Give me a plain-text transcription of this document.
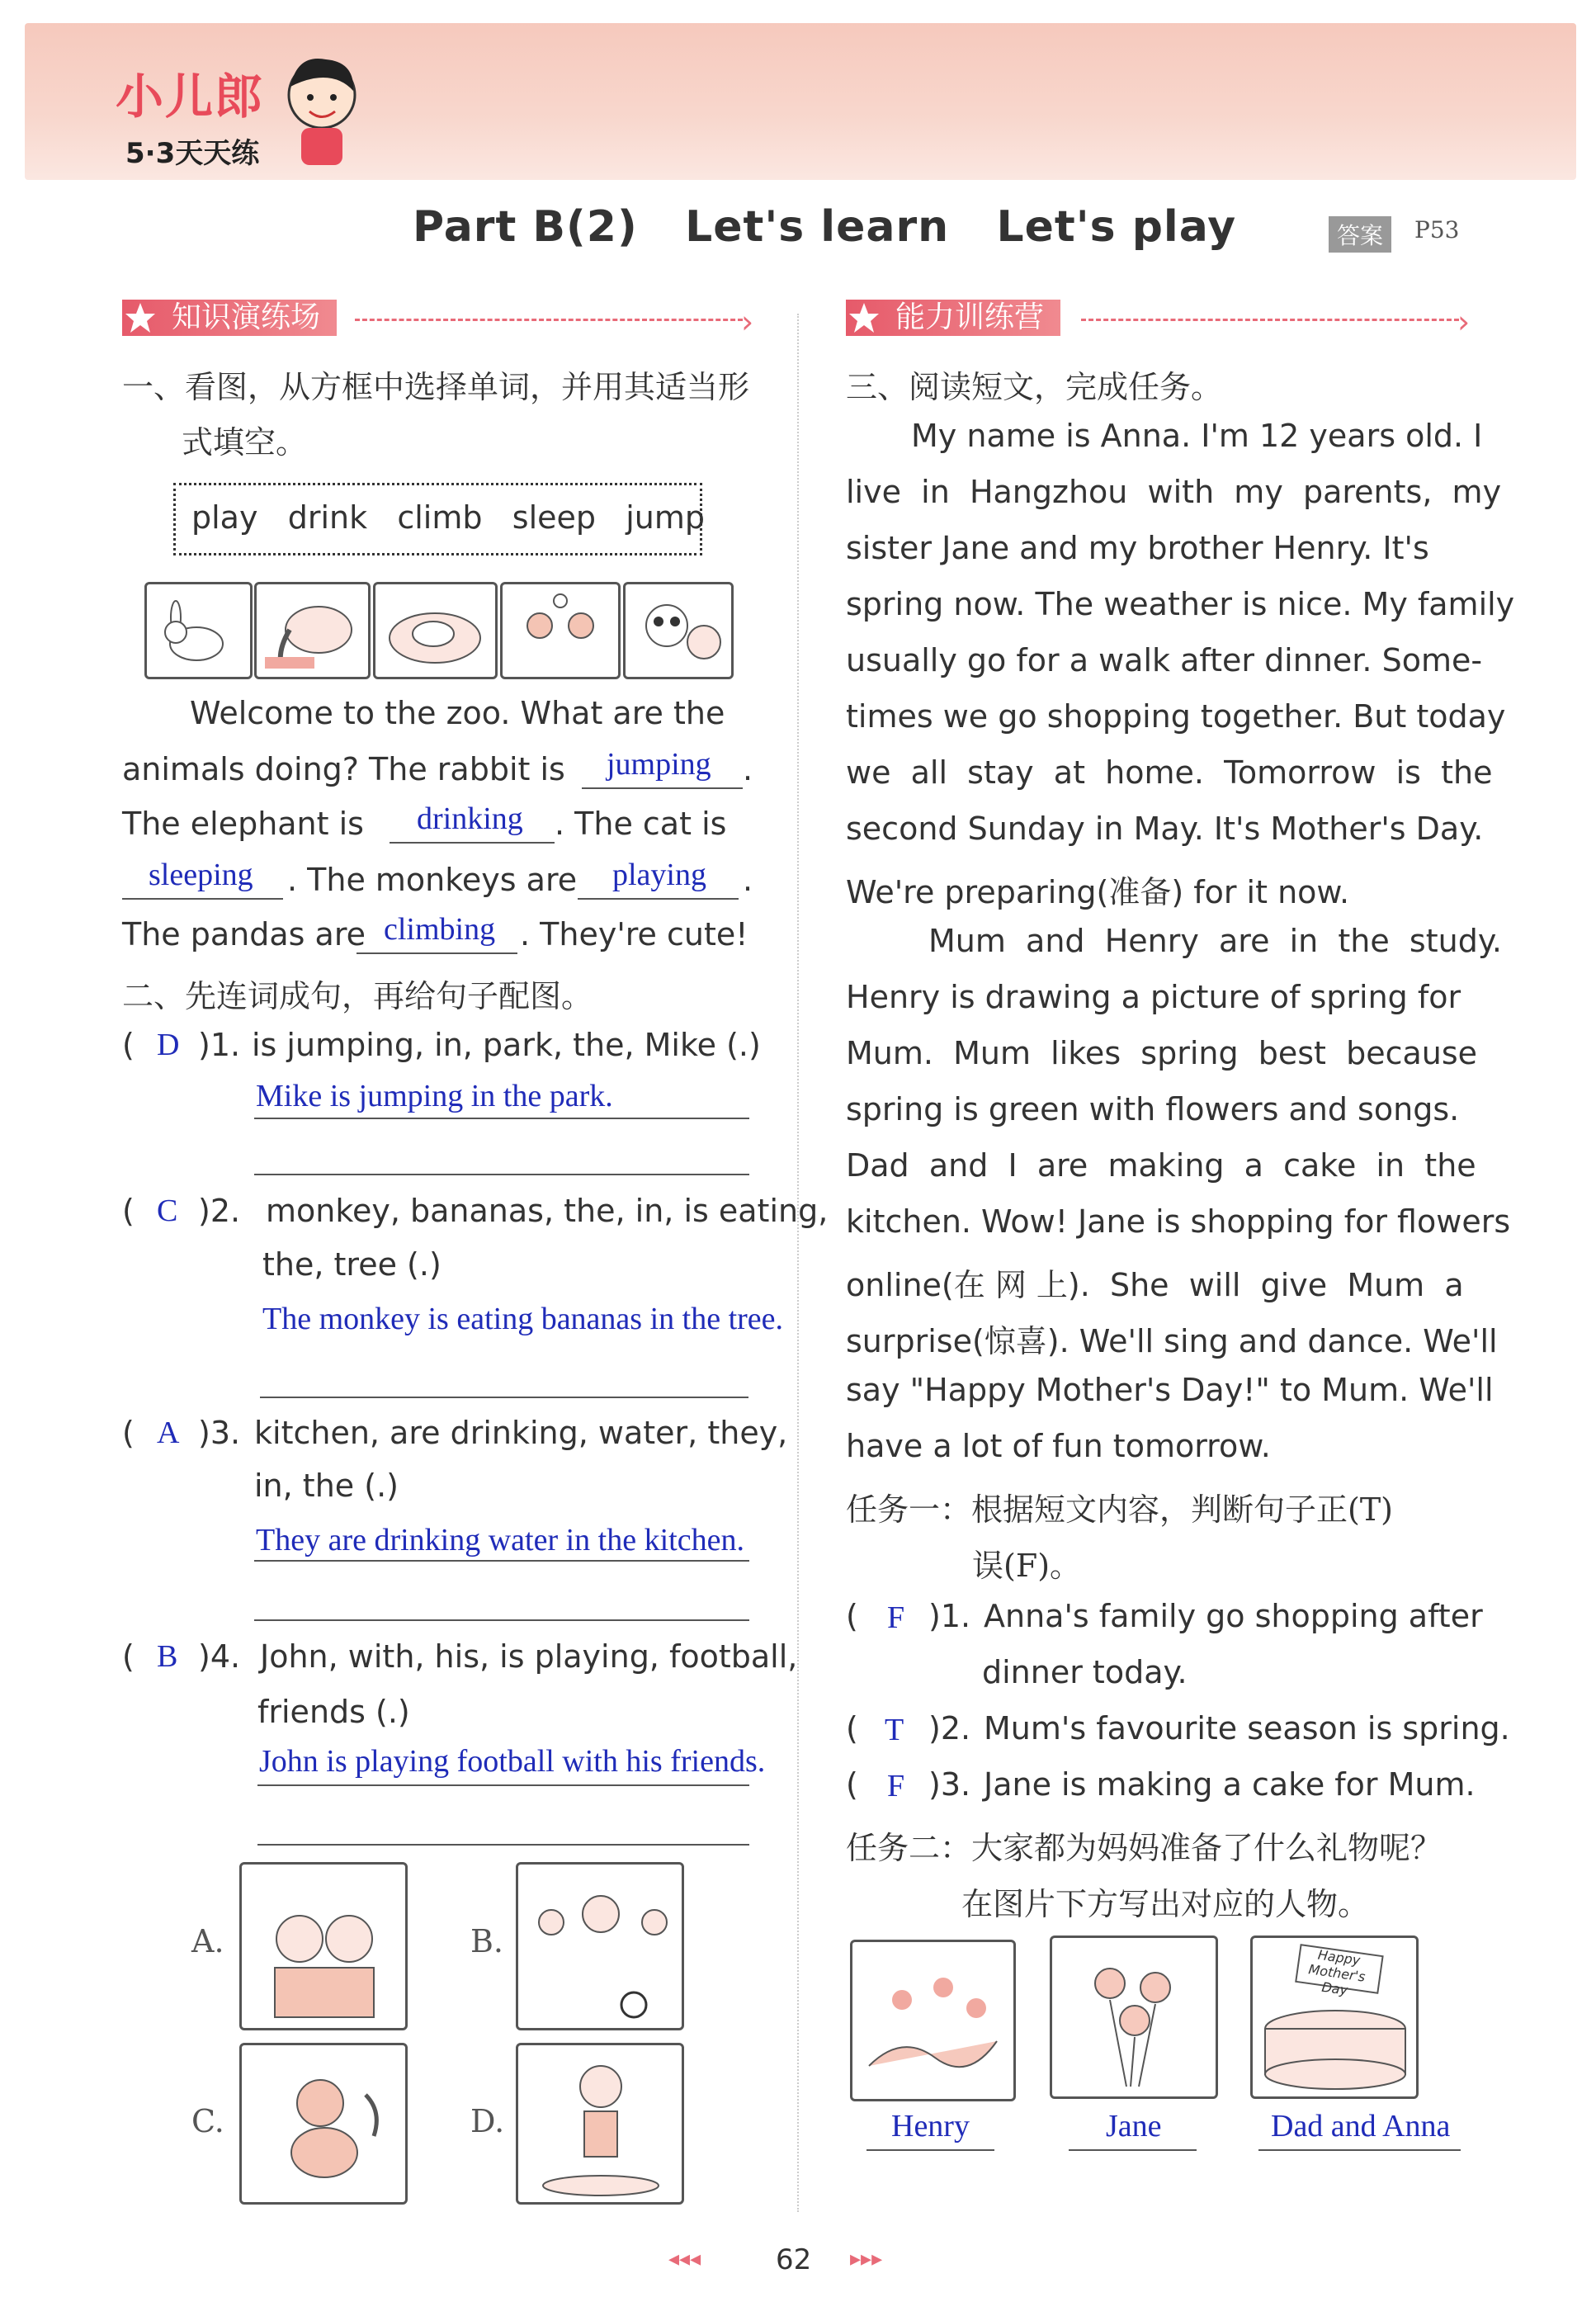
小儿郎
5·3天天练
Part B(2)   Let's learn   Let's play	答案	P53
知识演练场	›
一、看图，从方框中选择单词，并用其适当形
式填空。
play drink climb sleep jump
Welcome to the zoo. What are the
animals doing? The rabbit is jumping .
The elephant is drinking . The cat is
sleeping . The monkeys are playing .
The pandas are climbing . They're cute!
二、先连词成句，再给句子配图。
( D )1. is jumping, in, park, the, Mike (.)
Mike is jumping in the park.
( C )2. monkey, bananas, the, in, is eating,
the, tree (.)
The monkey is eating bananas in the tree.
( A )3. kitchen, are drinking, water, they,
in, the (.)
They are drinking water in the kitchen.
( B )4. John, with, his, is playing, football,
friends (.)
John is playing football with his friends.
A.	B.
C.	D.
能力训练营	›
三、阅读短文，完成任务。
My name is Anna. I'm 12 years old. I
live  in  Hangzhou  with  my  parents,  my
sister Jane and my brother Henry. It's
spring now. The weather is nice. My family
usually go for a walk after dinner. Some-
times we go shopping together. But today
we  all  stay  at  home.  Tomorrow  is  the
second Sunday in May. It's Mother's Day.
We're preparing(准备) for it now.
Mum  and  Henry  are  in  the  study.
Henry is drawing a picture of spring for
Mum.  Mum  likes  spring  best  because
spring is green with flowers and songs.
Dad  and  I  are  making  a  cake  in  the
kitchen. Wow! Jane is shopping for flowers
online(在 网 上).  She  will  give  Mum  a
surprise(惊喜). We'll sing and dance. We'll
say "Happy Mother's Day!" to Mum. We'll
have a lot of fun tomorrow.
任务一：根据短文内容，判断句子正(T)
误(F)。
( F )1. Anna's family go shopping after
dinner today.
( T )2. Mum's favourite season is spring.
( F )3. Jane is making a cake for Mum.
任务二：大家都为妈妈准备了什么礼物呢？
在图片下方写出对应的人物。
Happy Mother's Day
Henry	Jane	Dad and Anna
◂◂◂	62 ▸▸▸
